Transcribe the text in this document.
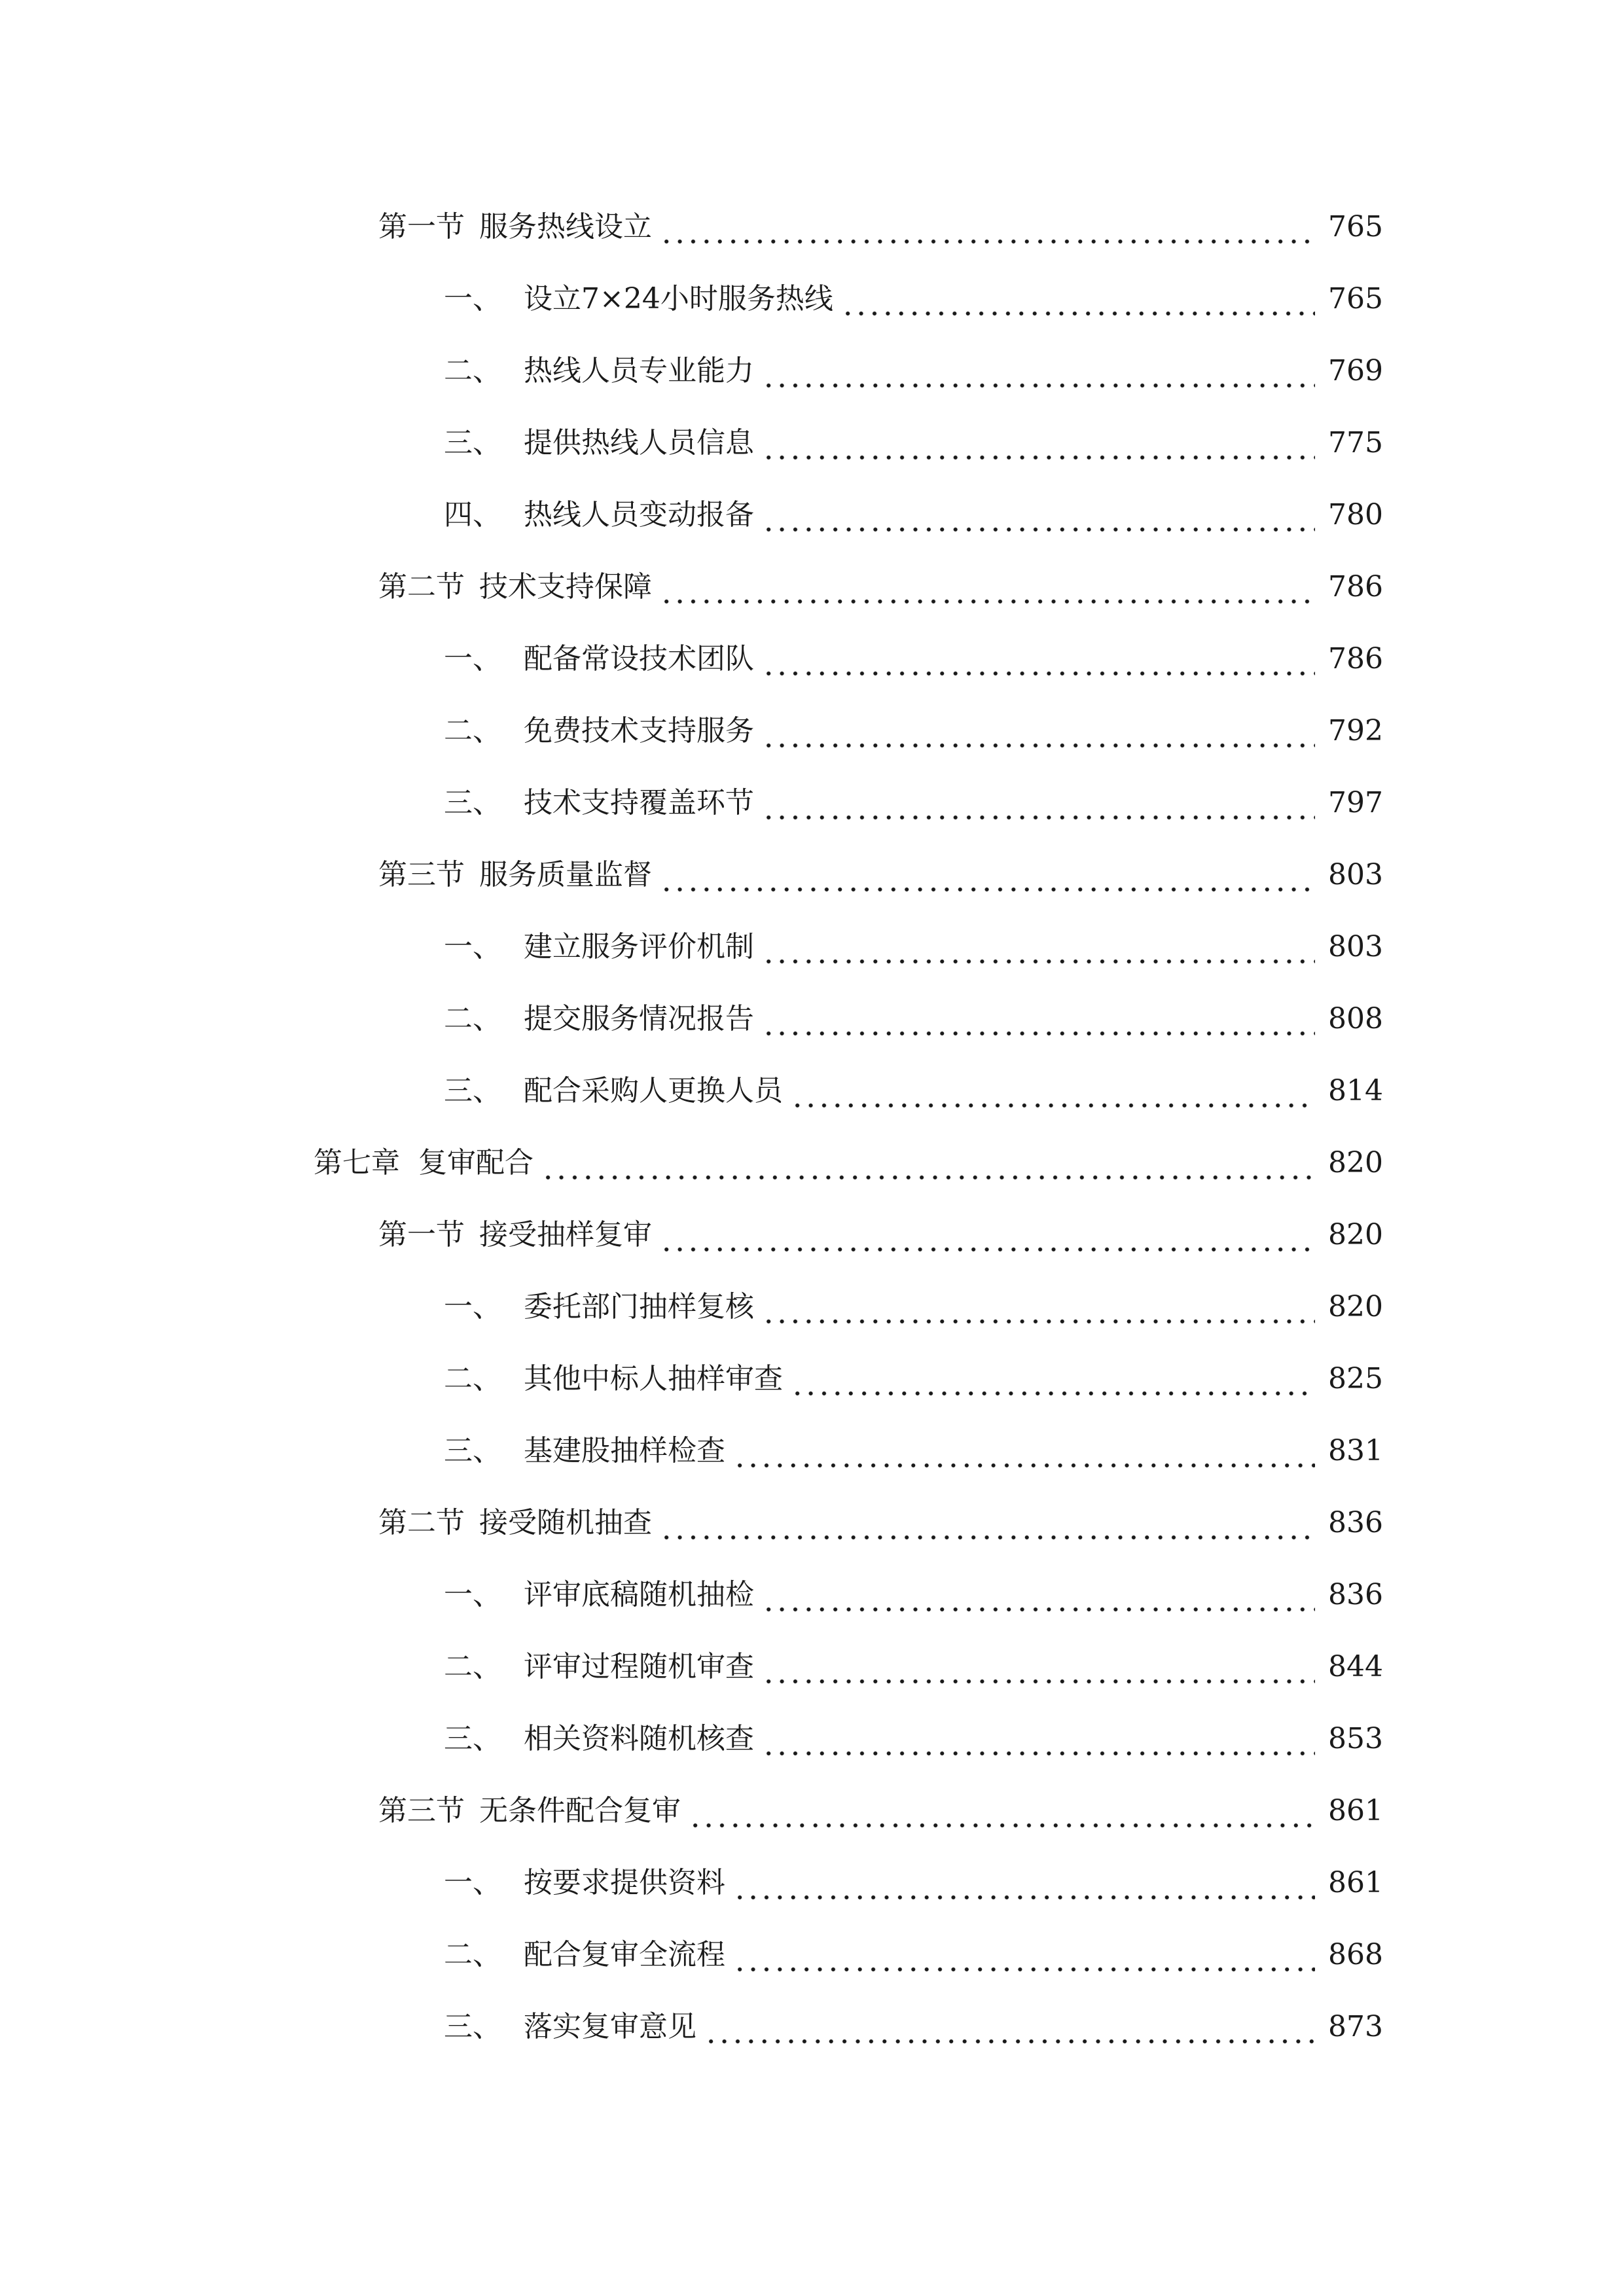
第一节 服务热线设立	765
一、 设立7×24小时服务热线	765
二、 热线人员专业能力	769
三、 提供热线人员信息	775
四、 热线人员变动报备	780
第二节 技术支持保障	786
一、 配备常设技术团队	786
二、 免费技术支持服务	792
三、 技术支持覆盖环节	797
第三节 服务质量监督	803
一、 建立服务评价机制	803
二、 提交服务情况报告	808
三、 配合采购人更换人员	814
第七章 复审配合	820
第一节 接受抽样复审	820
一、 委托部门抽样复核	820
二、 其他中标人抽样审查	825
三、 基建股抽样检查	831
第二节 接受随机抽查	836
一、 评审底稿随机抽检	836
二、 评审过程随机审查	844
三、 相关资料随机核查	853
第三节 无条件配合复审	861
一、 按要求提供资料	861
二、 配合复审全流程	868
三、 落实复审意见	873
